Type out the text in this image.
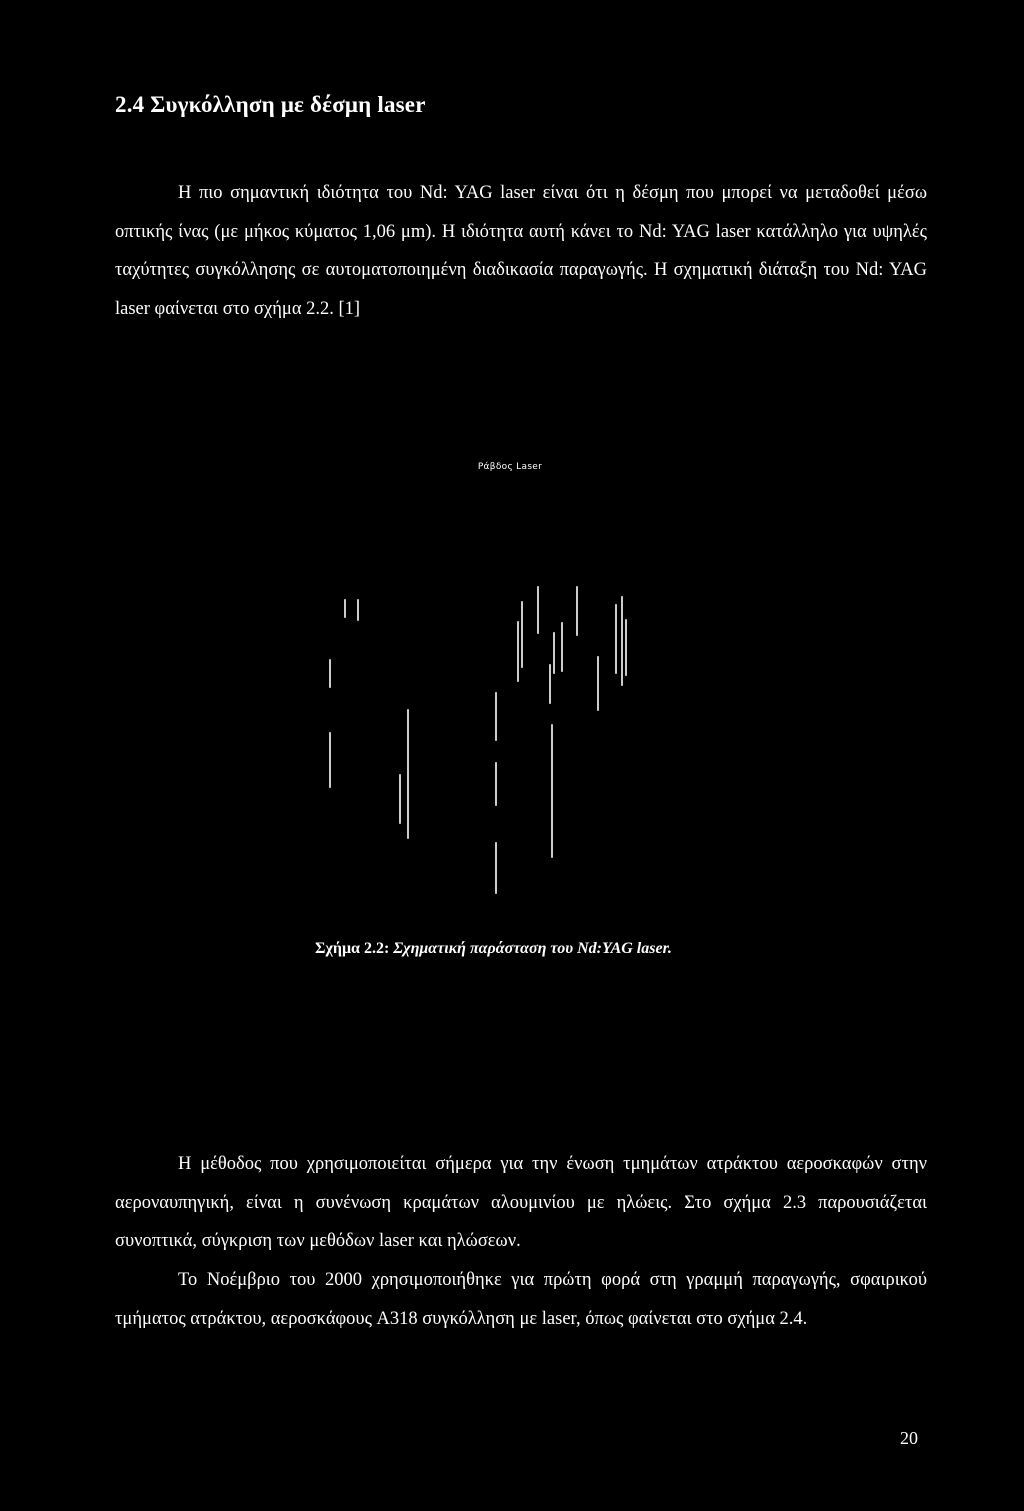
2.4 Συγκόλληση με δέσμη laser

Η πιο σημαντική ιδιότητα του Nd: YAG laser είναι ότι η δέσμη που μπορεί να μεταδοθεί μέσω οπτικής ίνας (με μήκος κύματος 1,06 μm). Η ιδιότητα αυτή κάνει το Nd: YAG laser κατάλληλο για υψηλές ταχύτητες συγκόλλησης σε αυτοματοποιημένη διαδικασία παραγωγής. Η σχηματική διάταξη του Nd: YAG laser φαίνεται στο σχήμα 2.2. [1]

Ράβδος Laser
Σχήμα 2.2: Σχηματική παράσταση του Nd:YAG laser.

Η μέθοδος που χρησιμοποιείται σήμερα για την ένωση τμημάτων ατράκτου αεροσκαφών στην αεροναυπηγική, είναι η συνένωση κραμάτων αλουμινίου με ηλώεις. Στο σχήμα 2.3 παρουσιάζεται συνοπτικά, σύγκριση των μεθόδων laser και ηλώσεων.

Το Νοέμβριο του 2000 χρησιμοποιήθηκε για πρώτη φορά στη γραμμή παραγωγής, σφαιρικού τμήματος ατράκτου, αεροσκάφους A318 συγκόλληση με laser, όπως φαίνεται στο σχήμα 2.4.

20
